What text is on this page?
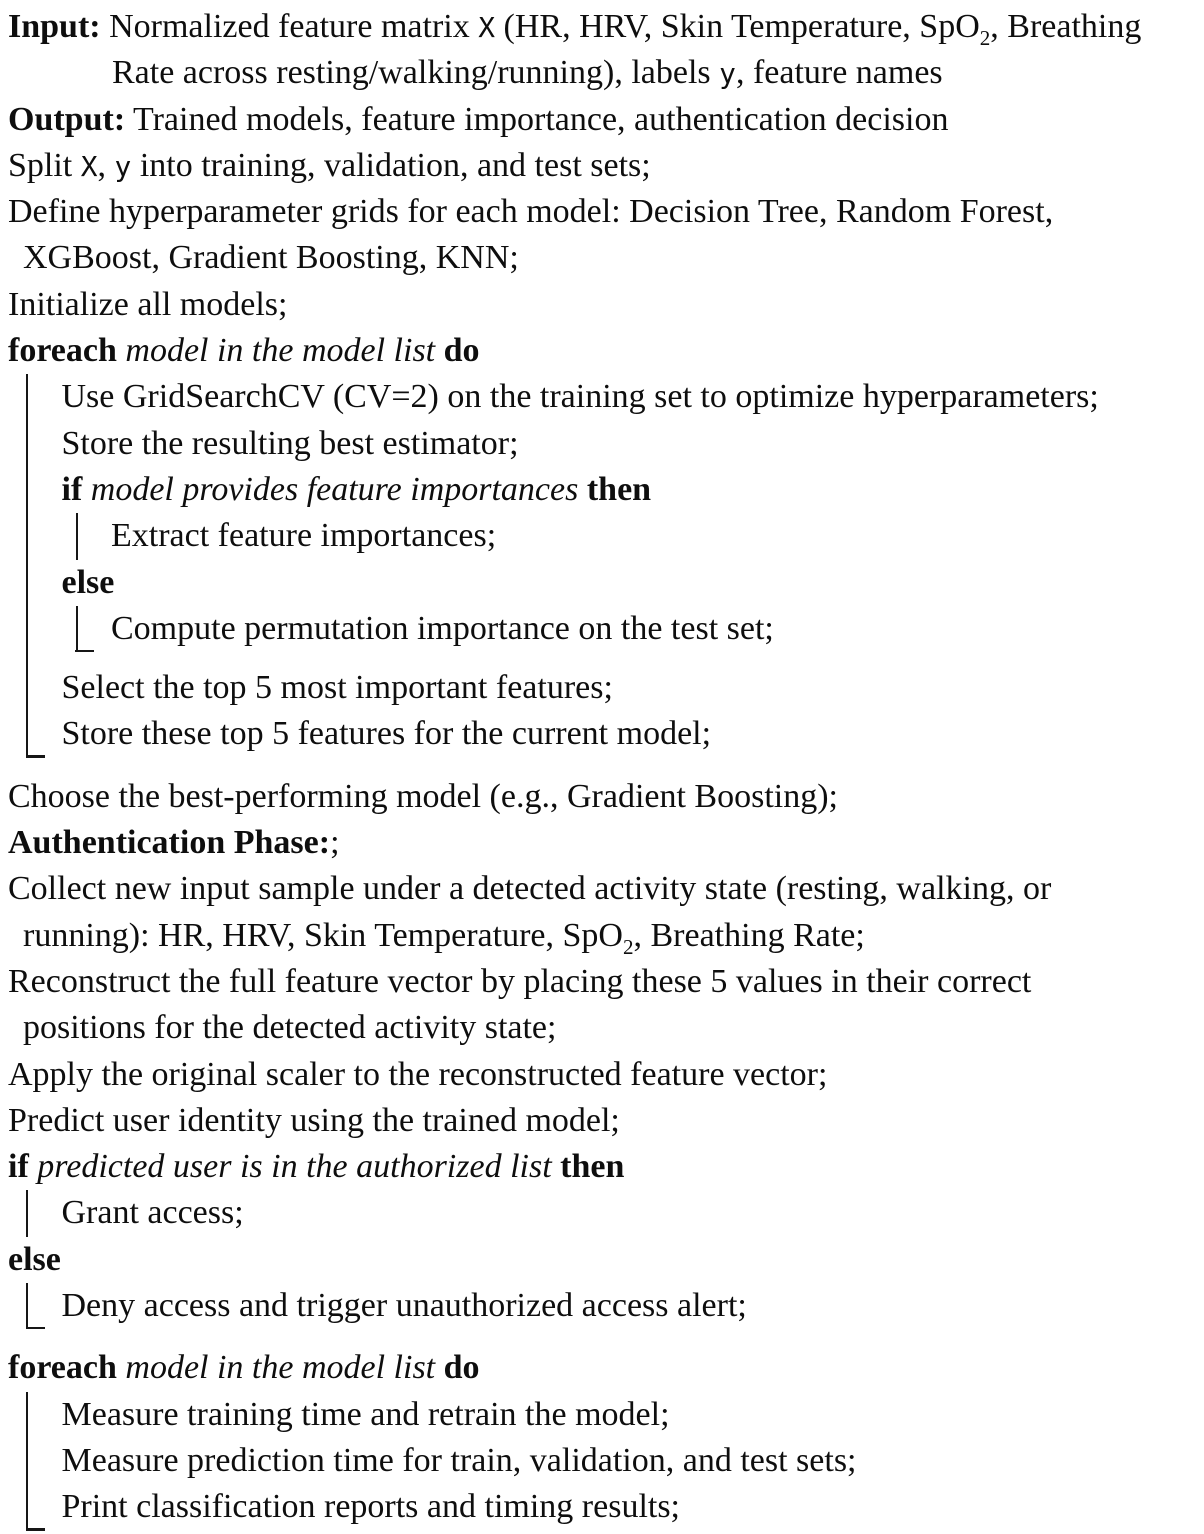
Input: Normalized feature matrix X (HR, HRV, Skin Temperature, SpO$_2$, Breathing
Rate across resting/walking/running), labels y, feature names
Output: Trained models, feature importance, authentication decision
Split X, y into training, validation, and test sets;
Define hyperparameter grids for each model: Decision Tree, Random Forest,
XGBoost, Gradient Boosting, KNN;
Initialize all models;
foreach model in the model list do
Use GridSearchCV (CV=2) on the training set to optimize hyperparameters;
Store the resulting best estimator;
if model provides feature importances then
Extract feature importances;
else
Compute permutation importance on the test set;
Select the top 5 most important features;
Store these top 5 features for the current model;
Choose the best-performing model (e.g., Gradient Boosting);
Authentication Phase:;
Collect new input sample under a detected activity state (resting, walking, or
running): HR, HRV, Skin Temperature, SpO$_2$, Breathing Rate;
Reconstruct the full feature vector by placing these 5 values in their correct
positions for the detected activity state;
Apply the original scaler to the reconstructed feature vector;
Predict user identity using the trained model;
if predicted user is in the authorized list then
Grant access;
else
Deny access and trigger unauthorized access alert;
foreach model in the model list do
Measure training time and retrain the model;
Measure prediction time for train, validation, and test sets;
Print classification reports and timing results;
